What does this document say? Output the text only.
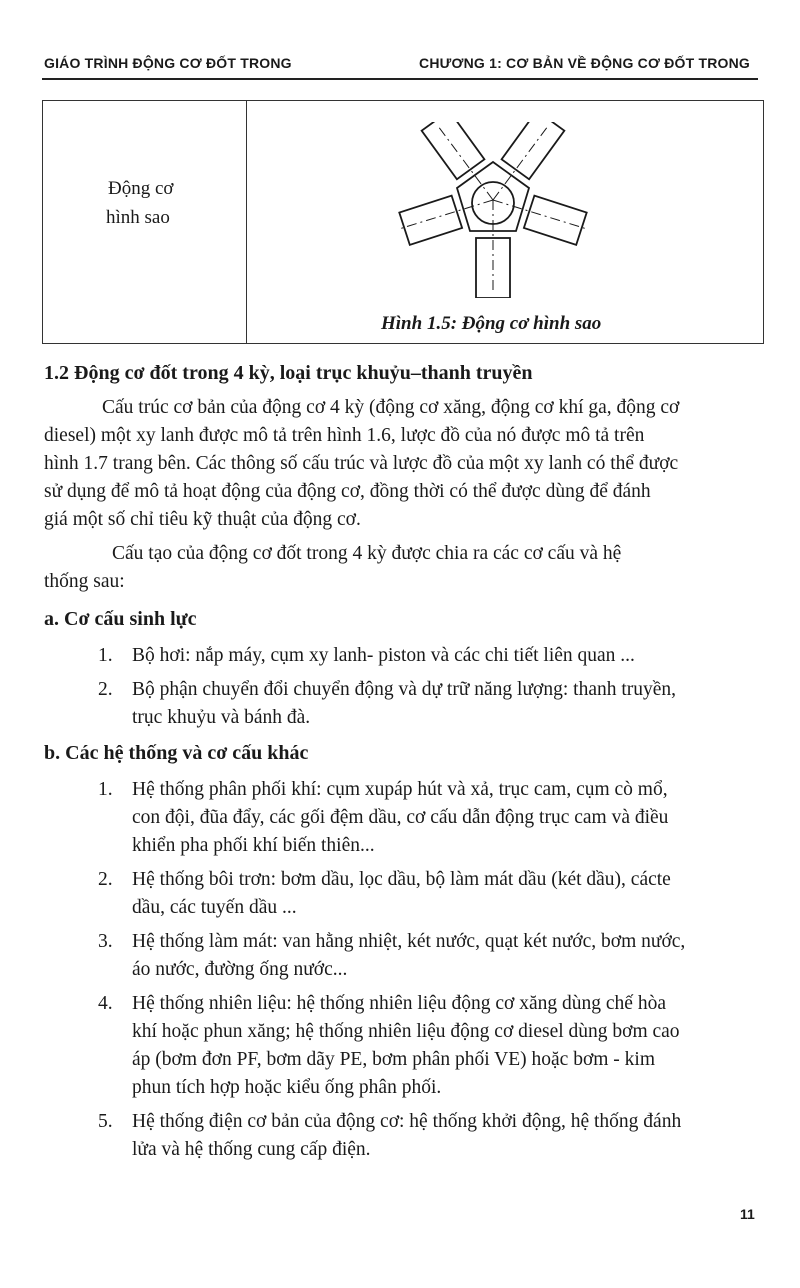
GIÁO TRÌNH ĐỘNG CƠ ĐỐT TRONG	CHƯƠNG 1: CƠ BẢN VỀ ĐỘNG CƠ ĐỐT TRONG
Động cơ
hình sao
Hình 1.5: Động cơ hình sao
1.2 Động cơ đốt trong 4 kỳ, loại trục khuỷu–thanh truyền
Cấu trúc cơ bản của động cơ 4 kỳ (động cơ xăng, động cơ khí ga, động cơ
diesel) một xy lanh được mô tả trên hình 1.6, lược đồ của nó được mô tả trên
hình 1.7 trang bên. Các thông số cấu trúc và lược đồ của một xy lanh có thể được
sử dụng để mô tả hoạt động của động cơ, đồng thời có thể được dùng để đánh
giá một số chỉ tiêu kỹ thuật của động cơ.
Cấu tạo của động cơ đốt trong 4 kỳ được chia ra các cơ cấu và hệ
thống sau:
a. Cơ cấu sinh lực
1. Bộ hơi: nắp máy, cụm xy lanh- piston và các chi tiết liên quan ...
2. Bộ phận chuyển đổi chuyển động và dự trữ năng lượng: thanh truyền,
trục khuỷu và bánh đà.
b. Các hệ thống và cơ cấu khác
1. Hệ thống phân phối khí: cụm xupáp hút và xả, trục cam, cụm cò mổ,
con đội, đũa đẩy, các gối đệm dầu, cơ cấu dẫn động trục cam và điều
khiển pha phối khí biến thiên...
2. Hệ thống bôi trơn: bơm dầu, lọc dầu, bộ làm mát dầu (két dầu), cácte
dầu, các tuyến dầu ...
3. Hệ thống làm mát: van hằng nhiệt, két nước, quạt két nước, bơm nước,
áo nước, đường ống nước...
4. Hệ thống nhiên liệu: hệ thống nhiên liệu động cơ xăng dùng chế hòa
khí hoặc phun xăng; hệ thống nhiên liệu động cơ diesel dùng bơm cao
áp (bơm đơn PF, bơm dãy PE, bơm phân phối VE) hoặc bơm - kim
phun tích hợp hoặc kiểu ống phân phối.
5. Hệ thống điện cơ bản của động cơ: hệ thống khởi động, hệ thống đánh
lửa và hệ thống cung cấp điện.
11
